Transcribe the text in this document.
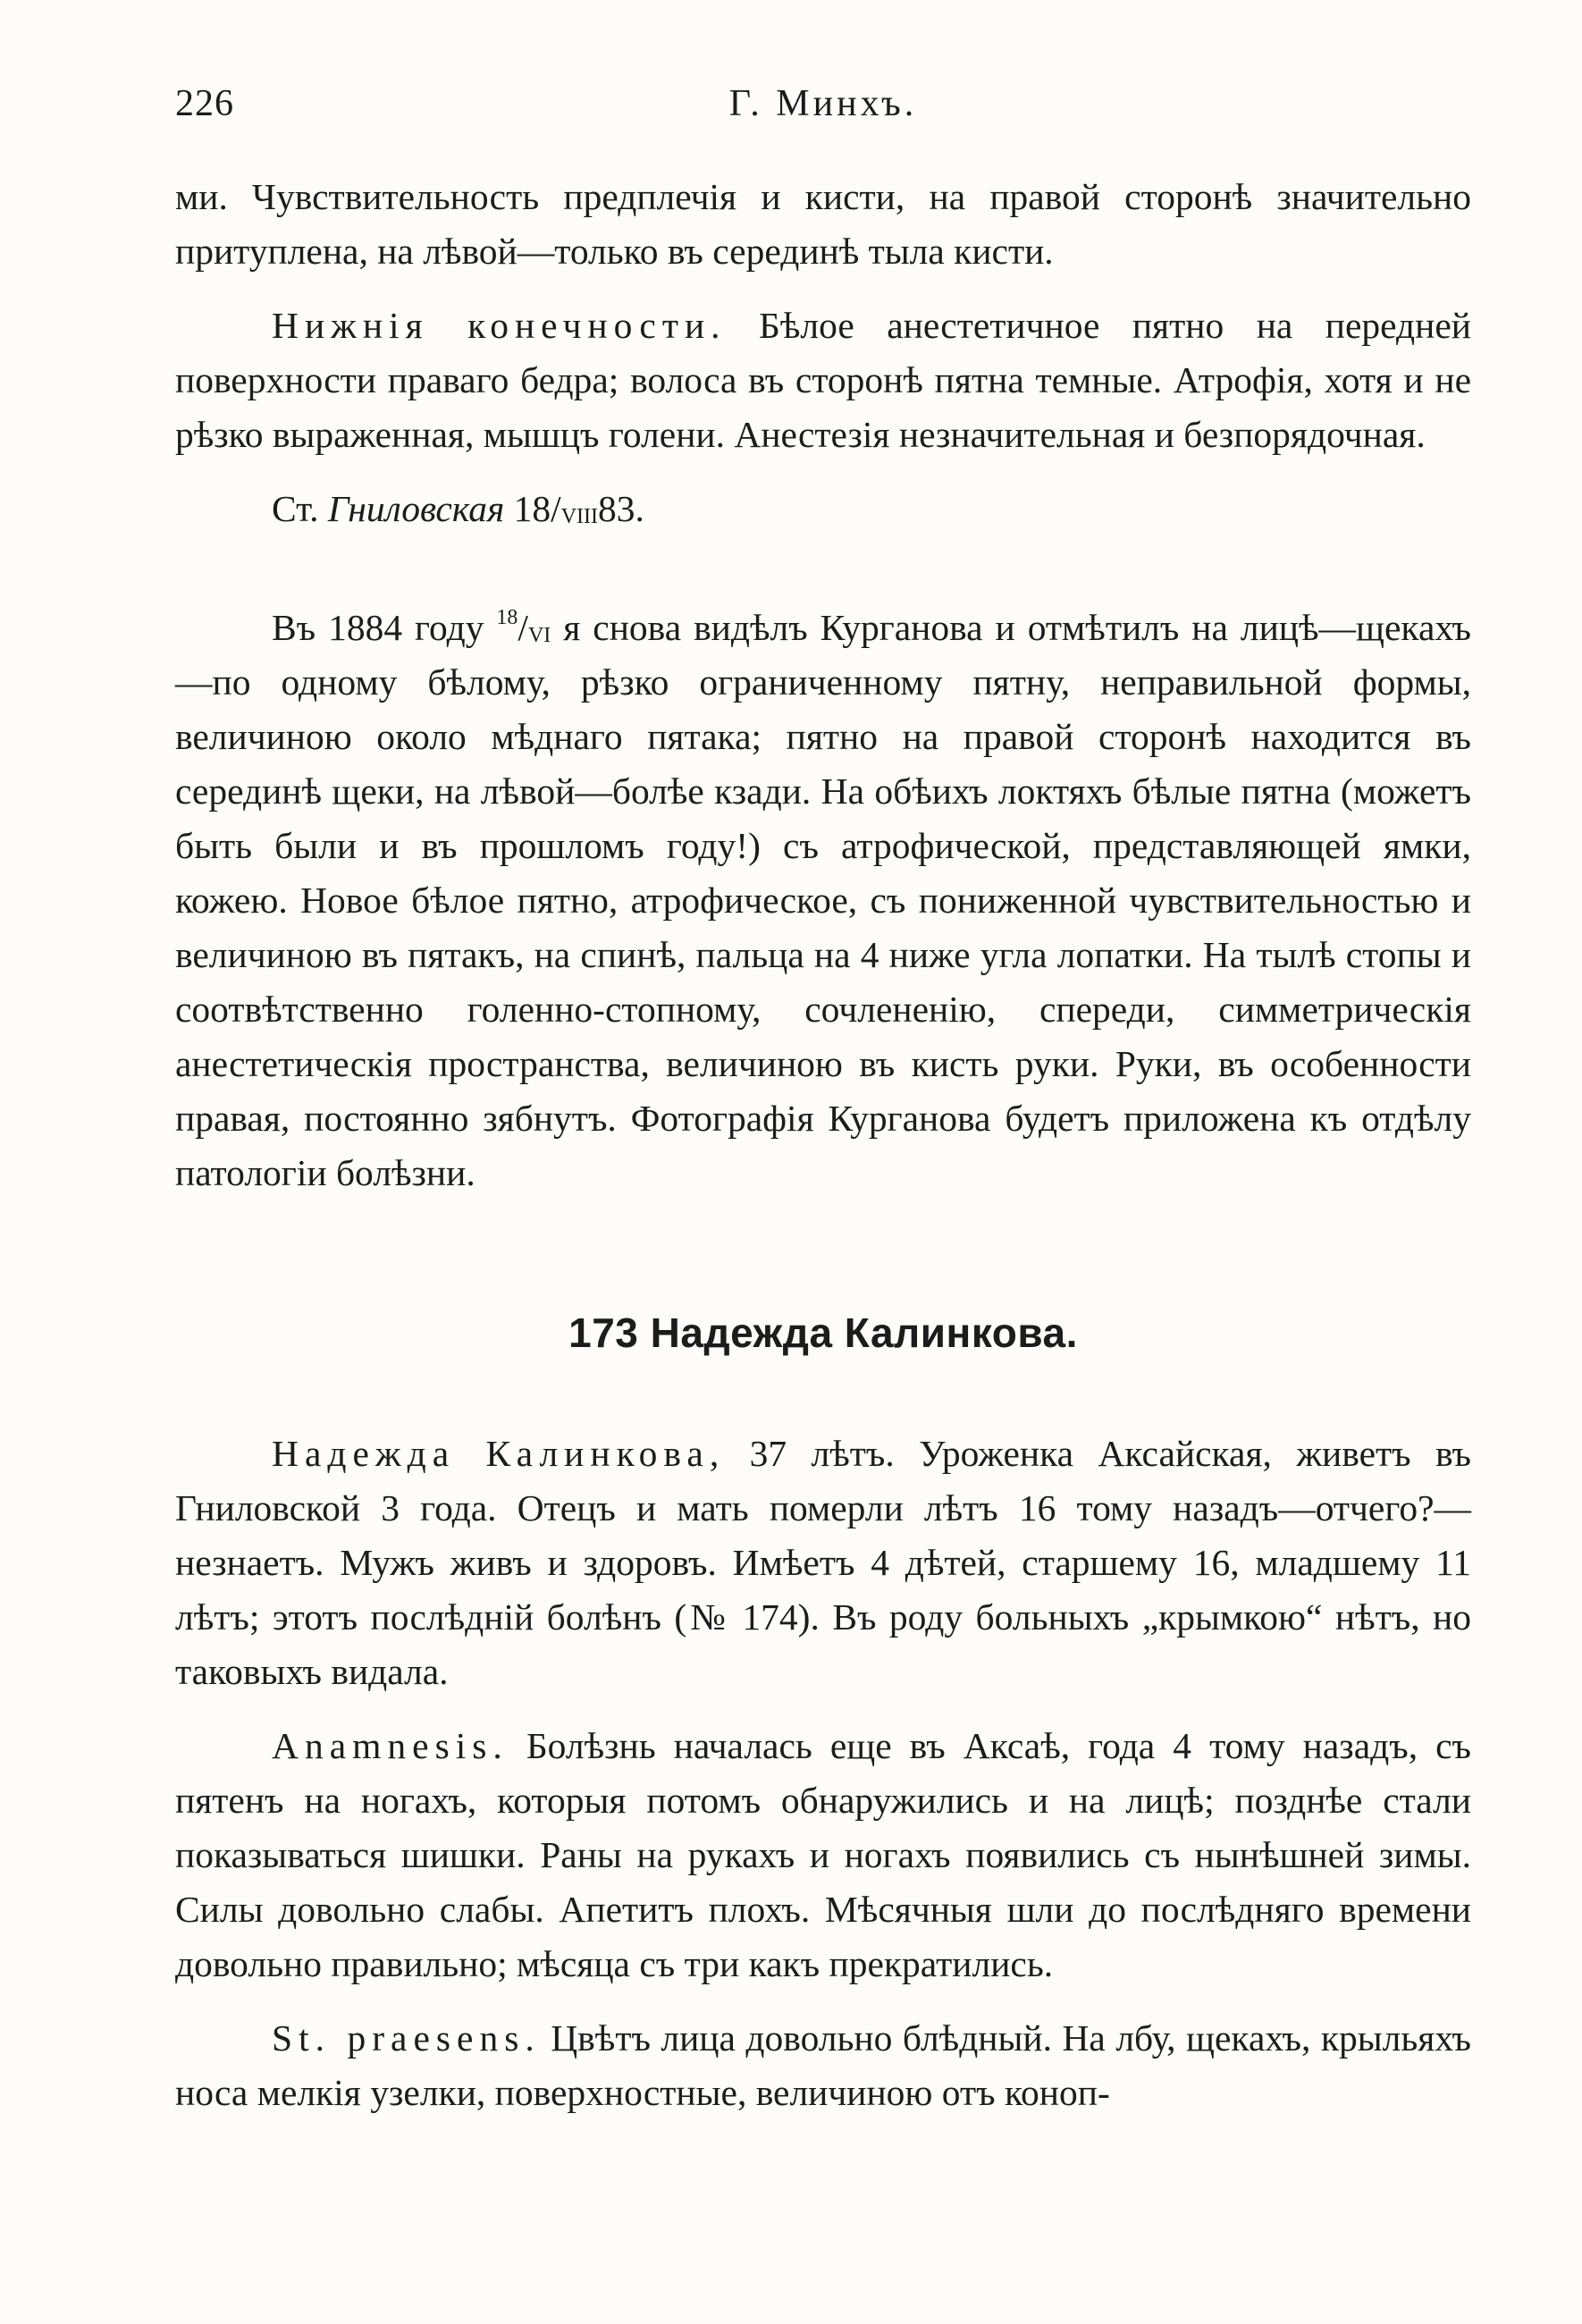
226	Г. Минхъ.

ми. Чувствительность предплечія и кисти, на правой сторонѣ значительно притуплена, на лѣвой—только въ серединѣ тыла кисти.

Нижнія конечности. Бѣлое анестетичное пятно на передней поверхности праваго бедра; волоса въ сторонѣ пятна темные. Атрофія, хотя и не рѣзко выраженная, мышцъ голени. Анестезія незначительная и безпорядочная.

Ст. Гниловская $18/_{VIII}83$.

Въ 1884 году $^{18}/_{VI}$ я снова видѣлъ Курганова и отмѣтилъ на лицѣ—щекахъ—по одному бѣлому, рѣзко ограниченному пятну, неправильной формы, величиною около мѣднаго пятака; пятно на правой сторонѣ находится въ серединѣ щеки, на лѣвой—болѣе кзади. На обѣихъ локтяхъ бѣлые пятна (можетъ быть были и въ прошломъ году!) съ атрофической, представляющей ямки, кожею. Новое бѣлое пятно, атрофическое, съ пониженной чувствительностью и величиною въ пятакъ, на спинѣ, пальца на 4 ниже угла лопатки. На тылѣ стопы и соотвѣтственно голенно-стопному, сочлененію, спереди, симметрическія анестетическія пространства, величиною въ кисть руки. Руки, въ особенности правая, постоянно зябнутъ. Фотографія Курганова будетъ приложена къ отдѣлу патологіи болѣзни.

173 Надежда Калинкова.

Надежда Калинкова, 37 лѣтъ. Уроженка Аксайская, живетъ въ Гниловской 3 года. Отецъ и мать померли лѣтъ 16 тому назадъ—отчего?—незнаетъ. Мужъ живъ и здоровъ. Имѣетъ 4 дѣтей, старшему 16, младшему 11 лѣтъ; этотъ послѣдній болѣнъ (№ 174). Въ роду больныхъ „крымкою“ нѣтъ, но таковыхъ видала.

Anamnesis. Болѣзнь началась еще въ Аксаѣ, года 4 тому назадъ, съ пятенъ на ногахъ, которыя потомъ обнаружились и на лицѣ; позднѣе стали показываться шишки. Раны на рукахъ и ногахъ появились съ нынѣшней зимы. Силы довольно слабы. Апетитъ плохъ. Мѣсячныя шли до послѣдняго времени довольно правильно; мѣсяца съ три какъ прекратились.

St. praesens. Цвѣтъ лица довольно блѣдный. На лбу, щекахъ, крыльяхъ носа мелкія узелки, поверхностные, величиною отъ коноп-
